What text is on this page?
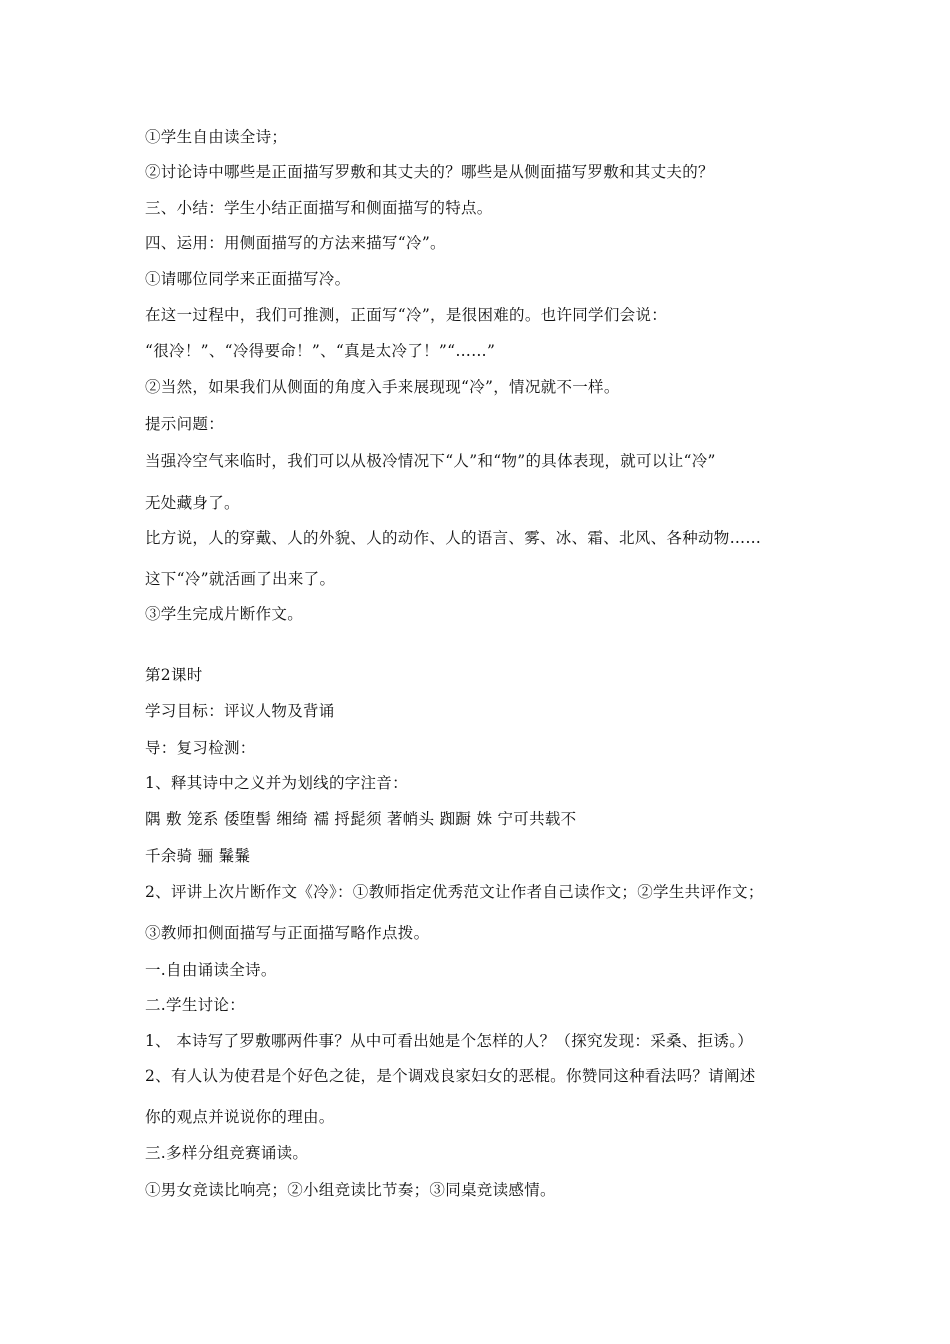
①学生自由读全诗；
②讨论诗中哪些是正面描写罗敷和其丈夫的？哪些是从侧面描写罗敷和其丈夫的？
三、小结：学生小结正面描写和侧面描写的特点。
四、运用：用侧面描写的方法来描写“冷”。
①请哪位同学来正面描写冷。
在这一过程中，我们可推测，正面写“冷”，是很困难的。也许同学们会说：
“很冷！”、“冷得要命！”、“真是太冷了！”“……”
②当然，如果我们从侧面的角度入手来展现现“冷”，情况就不一样。
提示问题：
当强冷空气来临时，我们可以从极冷情况下“人”和“物”的具体表现，就可以让“冷”
无处藏身了。
比方说，人的穿戴、人的外貌、人的动作、人的语言、雾、冰、霜、北风、各种动物……
这下“冷”就活画了出来了。
③学生完成片断作文。
第2课时
学习目标：评议人物及背诵
导：复习检测：
1、释其诗中之义并为划线的字注音：
隅 敷 笼系 倭堕髻 缃绮 襦 捋髭须 著帩头 踟蹰 姝 宁可共载不
千余骑 骊 鬑鬑
2、评讲上次片断作文《冷》：①教师指定优秀范文让作者自己读作文；②学生共评作文；
③教师扣侧面描写与正面描写略作点拨。
一.自由诵读全诗。
二.学生讨论：
1、 本诗写了罗敷哪两件事？从中可看出她是个怎样的人？（探究发现：采桑、拒诱。）
2、有人认为使君是个好色之徒，是个调戏良家妇女的恶棍。你赞同这种看法吗？请阐述
你的观点并说说你的理由。
三.多样分组竞赛诵读。
①男女竞读比响亮；②小组竞读比节奏；③同桌竞读感情。
